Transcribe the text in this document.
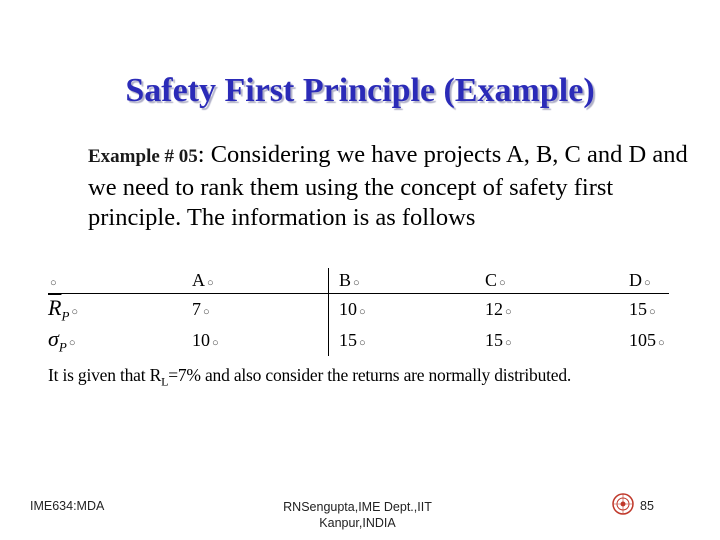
Safety First Principle (Example)
Example # 05: Considering we have projects A, B, C and D and we need to rank them using the concept of safety first principle. The information is as follows
○	A ○	B ○	C ○	D ○
$\overline{R}_P$ ○	7 ○	10 ○	12 ○	15 ○
$\sigma_P$ ○	10 ○	15 ○	15 ○	105 ○
It is given that $R_L=7\%$ and also consider the returns are normally distributed.
IME634:MDA	RNSengupta,IME Dept.,IIT
Kanpur,INDIA
85
